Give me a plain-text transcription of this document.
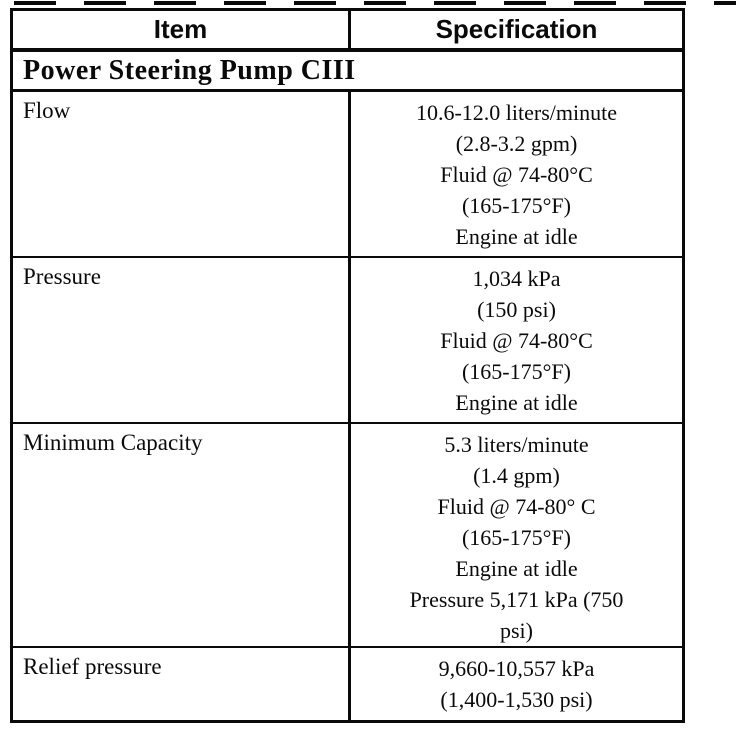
Item	Specification
Power Steering Pump CIII	
Flow	10.6-12.0 liters/minute
(2.8-3.2 gpm)
Fluid @ 74-80°C
(165-175°F)
Engine at idle

Pressure	1,034 kPa
(150 psi)
Fluid @ 74-80°C
(165-175°F)
Engine at idle

Minimum Capacity	5.3 liters/minute
(1.4 gpm)
Fluid @ 74-80° C
(165-175°F)
Engine at idle
Pressure 5,171 kPa (750
psi)

Relief pressure	9,660-10,557 kPa
(1,400-1,530 psi)
